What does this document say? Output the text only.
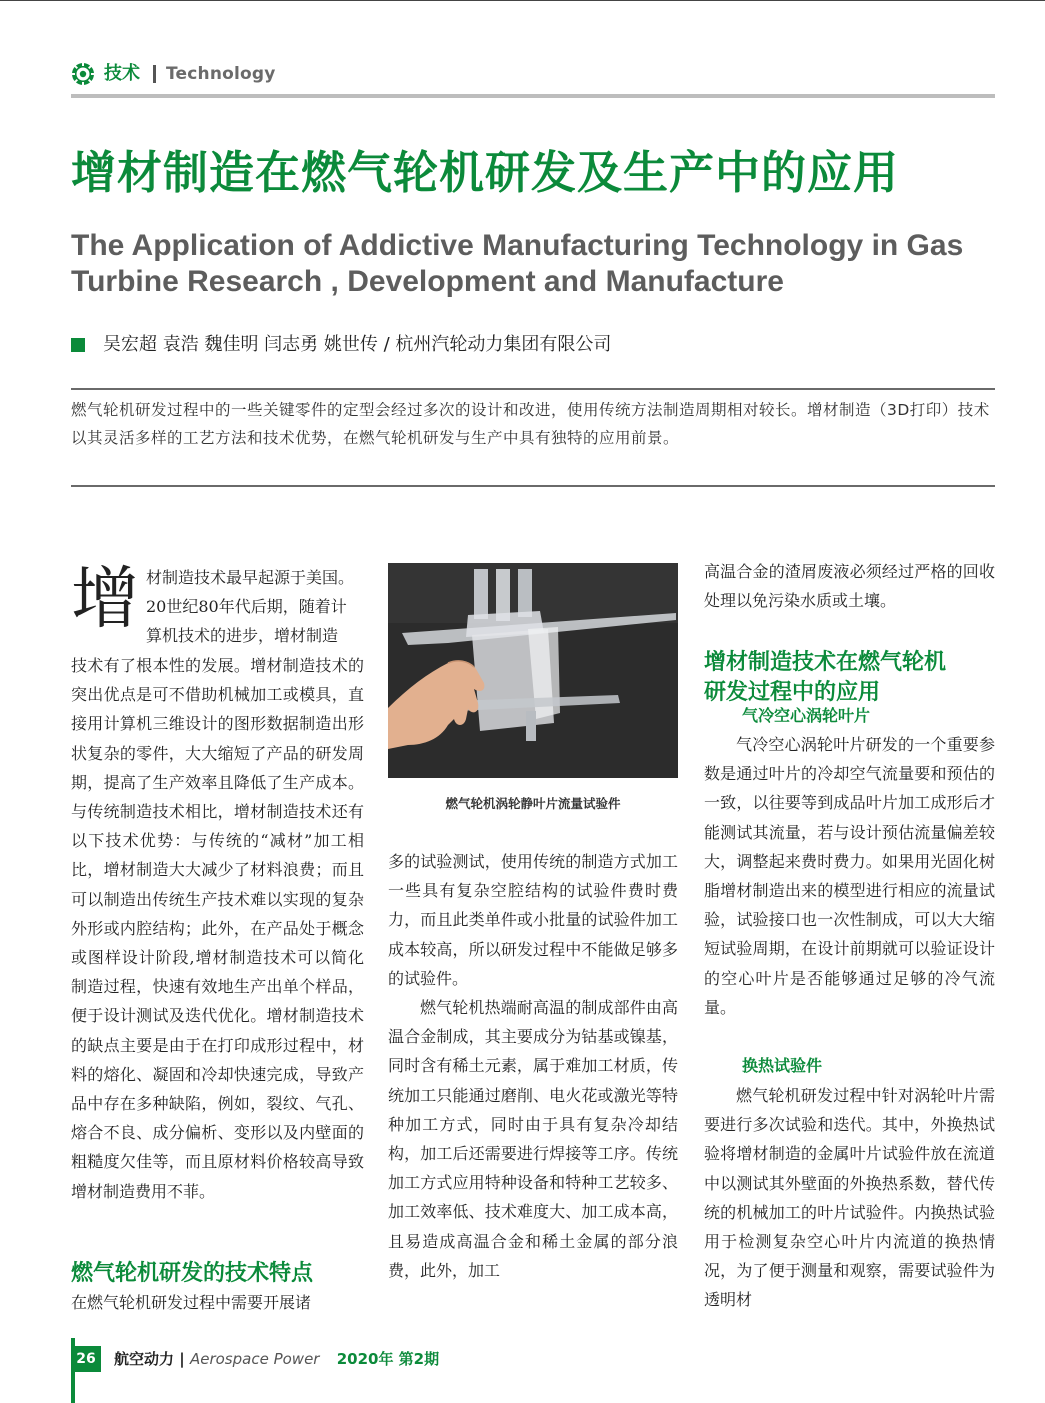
技术 Technology
增材制造在燃气轮机研发及生产中的应用
The Application of Addictive Manufacturing Technology in Gas Turbine Research , Development and Manufacture
吴宏超 袁浩 魏佳明 闫志勇 姚世传 / 杭州汽轮动力集团有限公司
燃气轮机研发过程中的一些关键零件的定型会经过多次的设计和改进，使用传统方法制造周期相对较长。增材制造（3D打印）技术以其灵活多样的工艺方法和技术优势，在燃气轮机研发与生产中具有独特的应用前景。
增 材制造技术最早起源于美国。

20世纪80年代后期，随着计

算机技术的进步，增材制造

技术有了根本性的发展。增材制造技术的突出优点是可不借助机械加工或模具，直接用计算机三维设计的图形数据制造出形状复杂的零件，大大缩短了产品的研发周期，提高了生产效率且降低了生产成本。与传统制造技术相比，增材制造技术还有以下技术优势：与传统的“减材”加工相比，增材制造大大减少了材料浪费；而且可以制造出传统生产技术难以实现的复杂外形或内腔结构；此外，在产品处于概念或图样设计阶段,增材制造技术可以简化制造过程，快速有效地生产出单个样品，便于设计测试及迭代优化。增材制造技术的缺点主要是由于在打印成形过程中，材料的熔化、凝固和冷却快速完成，导致产品中存在多种缺陷，例如，裂纹、气孔、熔合不良、成分偏析、变形以及内壁面的粗糙度欠佳等，而且原材料价格较高导致增材制造费用不菲。

燃气轮机研发的技术特点

在燃气轮机研发过程中需要开展诸

燃气轮机涡轮静叶片流量试验件

多的试验测试，使用传统的制造方式加工一些具有复杂空腔结构的试验件费时费力，而且此类单件或小批量的试验件加工成本较高，所以研发过程中不能做足够多的试验件。

燃气轮机热端耐高温的制成部件由高温合金制成，其主要成分为钴基或镍基，同时含有稀土元素，属于难加工材质，传统加工只能通过磨削、电火花或激光等特种加工方式，同时由于具有复杂冷却结构，加工后还需要进行焊接等工序。传统加工方式应用特种设备和特种工艺较多、加工效率低、技术难度大、加工成本高，且易造成高温合金和稀土金属的部分浪费，此外，加工

高温合金的渣屑废液必须经过严格的回收处理以免污染水质或土壤。

增材制造技术在燃气轮机
研发过程中的应用
气冷空心涡轮叶片

气冷空心涡轮叶片研发的一个重要参数是通过叶片的冷却空气流量要和预估的一致，以往要等到成品叶片加工成形后才能测试其流量，若与设计预估流量偏差较大，调整起来费时费力。如果用光固化树脂增材制造出来的模型进行相应的流量试验，试验接口也一次性制成，可以大大缩短试验周期，在设计前期就可以验证设计的空心叶片是否能够通过足够的冷气流量。

换热试验件

燃气轮机研发过程中针对涡轮叶片需要进行多次试验和迭代。其中，外换热试验将增材制造的金属叶片试验件放在流道中以测试其外壁面的外换热系数，替代传统的机械加工的叶片试验件。内换热试验用于检测复杂空心叶片内流道的换热情况，为了便于测量和观察，需要试验件为透明材

26	航空动力 | Aerospace Power 2020年 第2期
